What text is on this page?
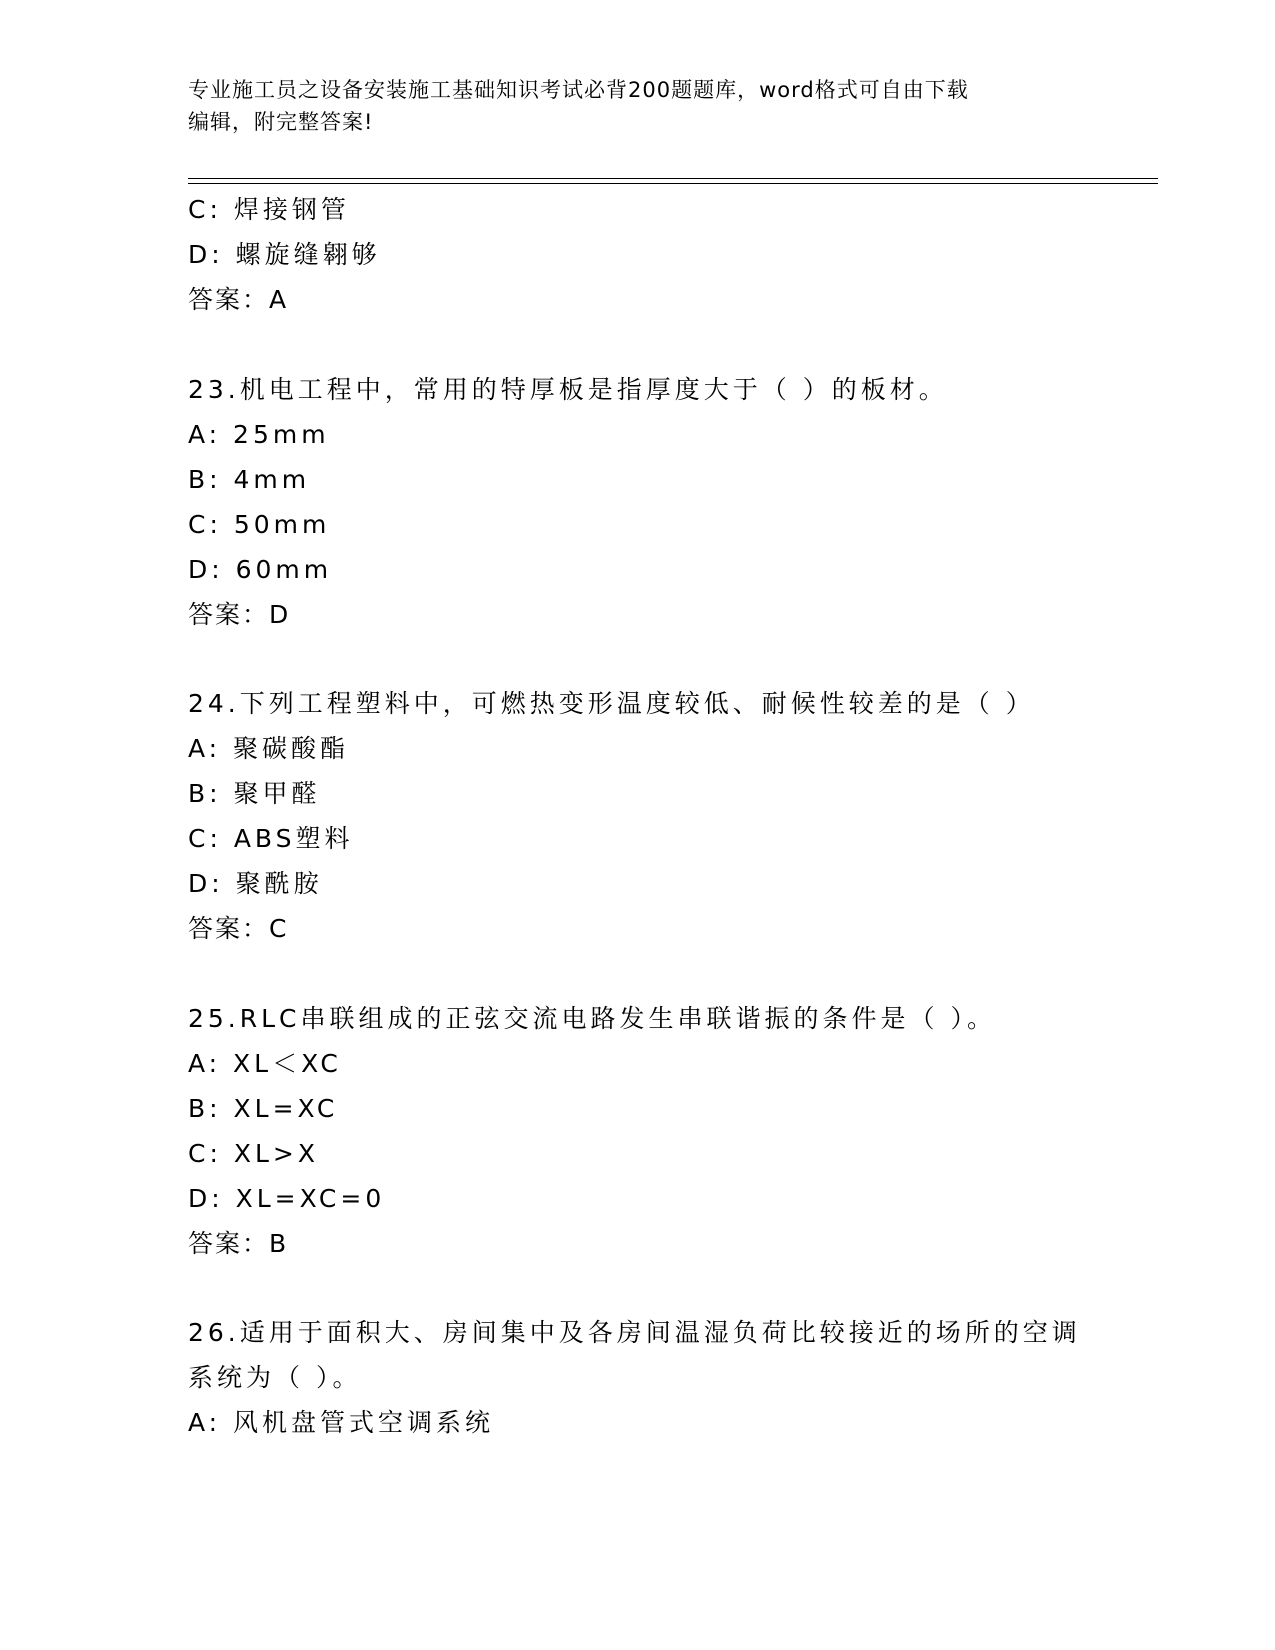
专业施工员之设备安装施工基础知识考试必背200题题库，word格式可自由下载
编辑，附完整答案!
C: 焊接钢管
D: 螺旋缝翱够
答案：A
23.机电工程中，常用的特厚板是指厚度大于（ ）的板材。
A: 25mm
B: 4mm
C: 50mm
D: 60mm
答案：D
24.下列工程塑料中，可燃热变形温度较低、耐候性较差的是（ ）
A: 聚碳酸酯
B: 聚甲醛
C: ABS塑料
D: 聚酰胺
答案：C
25.RLC串联组成的正弦交流电路发生串联谐振的条件是（ ）。
A: XL＜XC
B: XL=XC
C: XL>X
D: XL=XC=0
答案：B
26.适用于面积大、房间集中及各房间温湿负荷比较接近的场所的空调
系统为（ ）。
A: 风机盘管式空调系统
